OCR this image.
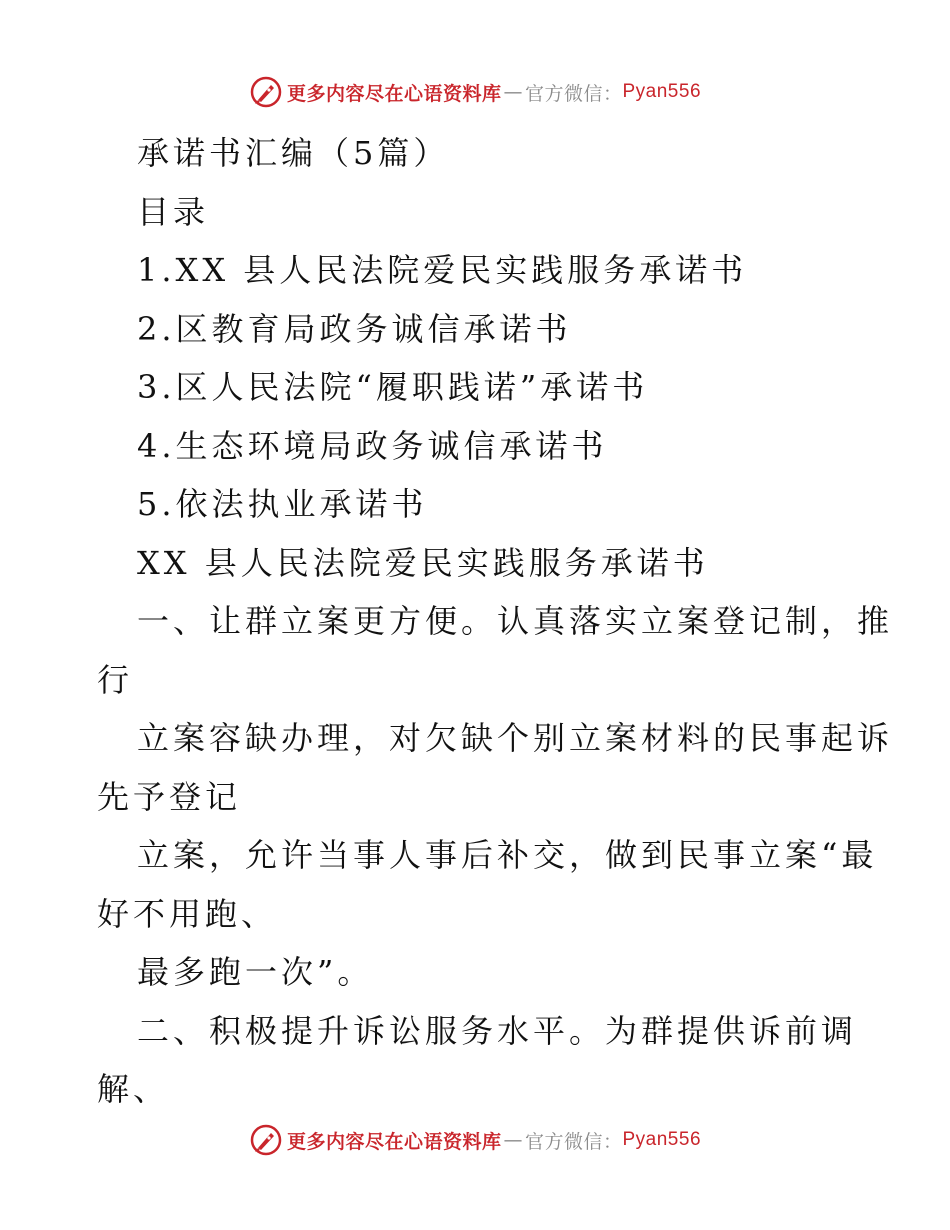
更多内容尽在心语资料库 — 官方微信： Pyan556
承诺书汇编（5篇）
目录
1.XX 县人民法院爱民实践服务承诺书
2.区教育局政务诚信承诺书
3.区人民法院“履职践诺”承诺书
4.生态环境局政务诚信承诺书
5.依法执业承诺书
XX 县人民法院爱民实践服务承诺书
一、让群立案更方便。认真落实立案登记制，推
行
立案容缺办理，对欠缺个别立案材料的民事起诉
先予登记
立案，允许当事人事后补交，做到民事立案“最
好不用跑、
最多跑一次”。
二、积极提升诉讼服务水平。为群提供诉前调
解、
更多内容尽在心语资料库 — 官方微信： Pyan556
